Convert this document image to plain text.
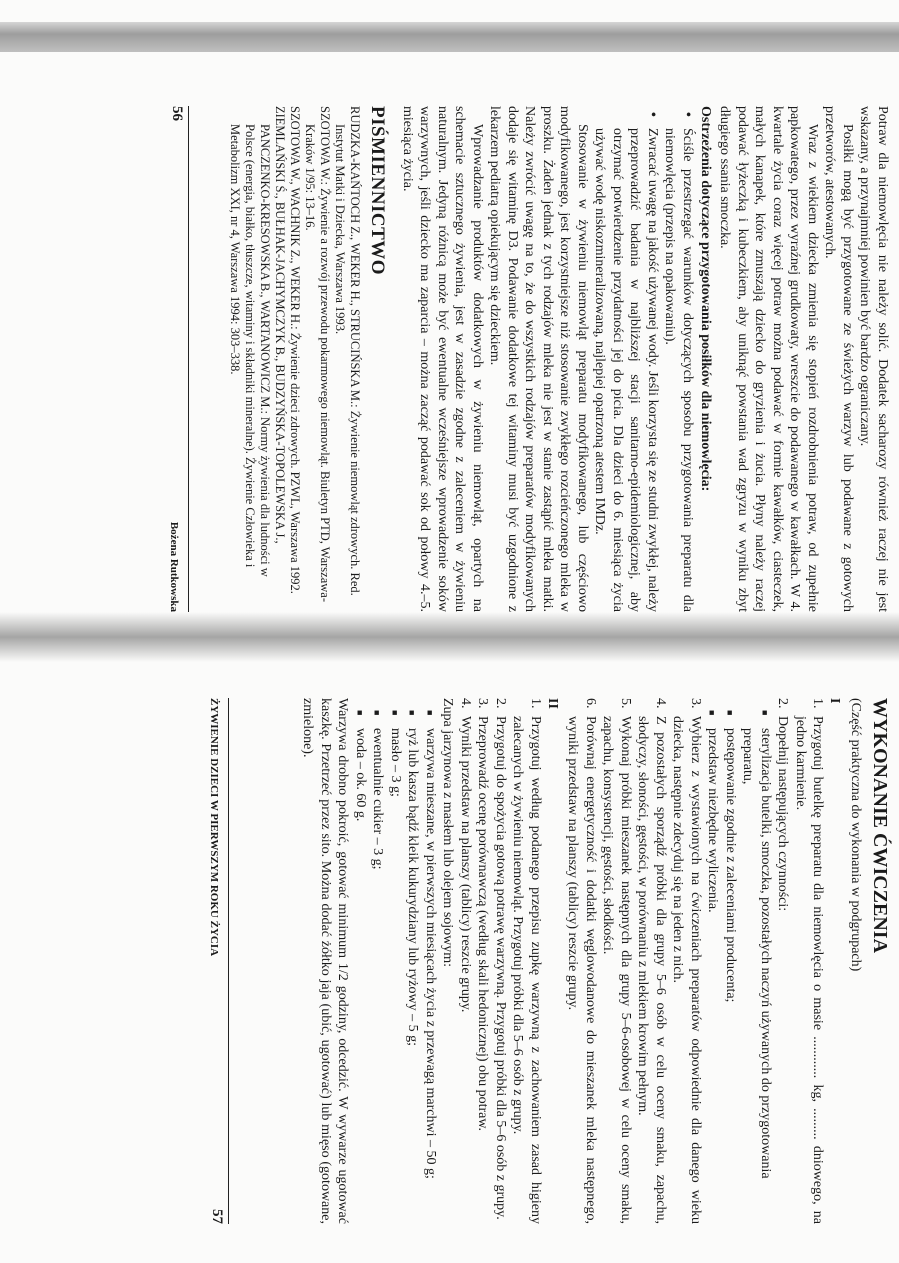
Potraw dla niemowlęcia nie należy solić. Dodatek sacharozy również raczej nie jest wskazany, a przynajmniej powinien być bardzo ograniczany.

Posiłki mogą być przygotowane ze świeżych warzyw lub podawane z gotowych przetworów, atestowanych.

Wraz z wiekiem dziecka zmienia się stopień rozdrobnienia potraw, od zupełnie papkowatego, przez wyraźnej grudkowaty, wreszcie do podawanego w kawałkach. W 4. kwartale życia coraz więcej potraw można podawać w formie kawałków, ciasteczek, małych kanapek, które zmuszają dziecko do gryzienia i żucia. Płyny należy raczej podawać łyżeczką i kubeczkiem, aby uniknąć powstania wad zgryzu w wyniku zbyt długiego ssania smoczka.

Ostrzeżenia dotyczące przygotowania posiłków dla niemowlęcia:
• Ściśle przestrzegać warunków dotyczących sposobu przygotowania preparatu dla niemowlęcia (przepis na opakowaniu).
• Zwracać uwagę na jakość używanej wody. Jeśli korzysta się ze studni zwykłej, należy przeprowadzić badania w najbliższej stacji sanitarno-epidemiologicznej, aby otrzymać potwierdzenie przydatności jej do picia. Dla dzieci do 6. miesiąca życia używać wodę niskozmineralizowaną, najlepiej opatrzoną atestem IMDz.

Stosowanie w żywieniu niemowląt preparatu modyfikowanego, lub częściowo modyfikowanego, jest korzystniejsze niż stosowanie zwykłego rozcieńczonego mleka w proszku. Żaden jednak z tych rodzajów mleka nie jest w stanie zastąpić mleka matki. Należy zwrócić uwagę na to, że do wszystkich rodzajów preparatów modyfikowanych dodaje się witaminę D3. Podawanie dodatkowe tej witaminy musi być uzgodnione z lekarzem pediatrą opiekującym się dzieckiem.

Wprowadzanie produktów dodatkowych w żywieniu niemowląt, opartych na schemacie sztucznego żywienia, jest w zasadzie zgodne z zaleceniem w żywieniu naturalnym. Jedyną różnicą może być ewentualne wcześniejsze wprowadzenie soków warzywnych, jeśli dziecko ma zaparcia – można zacząć podawać sok od połowy 4.–5. miesiąca życia.

PIŚMIENNICTWO

RUDZKA-KAŃTOCH Z., WEKER H., STRUCIŃSKA M.: Żywienie niemowląt zdrowych. Red. Instytut Matki i Dziecka, Warszawa 1993.

SZOTOWA W.: Żywienie a rozwój przewodu pokarmowego niemowląt. Biuletyn PTD, Warszawa-Kraków 1/95: 13–16.

SZOTOWA W., WACHNIK Z., WEKER H.: Żywienie dzieci zdrowych. PZWL, Warszawa 1992.

ZIEMLAŃSKI Ś., BUŁHAK-JACHYMCZYK B., BUDZYŃSKA-TOPOLEWSKA J., PANCZENKO-KRESOWSKA B., WARTANOWICZ M.: Normy żywienia dla ludności w Polsce (energia, białko, tłuszcze, witaminy i składniki mineralne). Żywienie Człowieka i Metabolizm XXI, nr 4, Warszawa 1994: 303–338.

56
Bożena Rutkowska
WYKONANIE ĆWICZENIA

(Część praktyczna do wykonania w podgrupach)

I
1.
Przygotuj butelkę preparatu dla niemowlęcia o masie ............ kg, ......... dniowego, na jedno karmienie.
2.
Dopełnij następujących czynności:
■ sterylizacja butelki, smoczka, pozostałych naczyń używanych do przygotowania preparatu,
■ postępowanie zgodnie z zaleceniami producenta;
■ przedstaw niezbędne wyliczenia.
3.
Wybierz z wystawionych na ćwiczeniach preparatów odpowiednie dla danego wieku dziecka, następnie zdecyduj się na jeden z nich.
4.
Z pozostałych sporządź próbki dla grupy 5–6 osób w celu oceny smaku, zapachu, słodyczy, słoności, gęstości, w porównaniu z mlekiem krowim pełnym.
5.
Wykonaj próbki mieszanek następnych dla grupy 5–6-osobowej w celu oceny smaku, zapachu, konsystencji, gęstości, słodkości.
6.
Porównaj energetyczność i dodatki węglowodanowe do mieszanek mleka następnego, wyniki przedstaw na planszy (tablicy) reszcie grupy.
II
1.
Przygotuj według podanego przepisu zupkę warzywną z zachowaniem zasad higieny zalecanych w żywieniu niemowląt. Przygotuj próbki dla 5–6 osób z grupy.
2.
Przygotuj do spożycia gotową potrawę warzywną. Przygotuj próbki dla 5–6 osób z grupy.
3.
Przeprowadź ocenę porównawczą (według skali hedonicznej) obu potraw.
4.
Wyniki przedstaw na planszy (tablicy) reszcie grupy.

Zupa jarzynowa z masłem lub olejem sojowym:

■ warzywa mieszane, w pierwszych miesiącach życia z przewagą marchwi – 50 g;
■ ryż lub kasza bądź kleik kukurydziany lub ryżowy – 5 g;
■ masło – 3 g;
■ ewentualnie cukier – 3 g;
■ woda – ok. 60 g.

Warzywa drobno pokroić, gotować minimum 1/2 godziny, odcedzić. W wywarze ugotować kaszkę. Przetrzeć przez sito. Można dodać żółtko jaja (ubić, ugotować) lub mięso (gotowane, zmielone).

ŻYWIENIE DZIECI W PIERWSZYM ROKU ŻYCIA
57
